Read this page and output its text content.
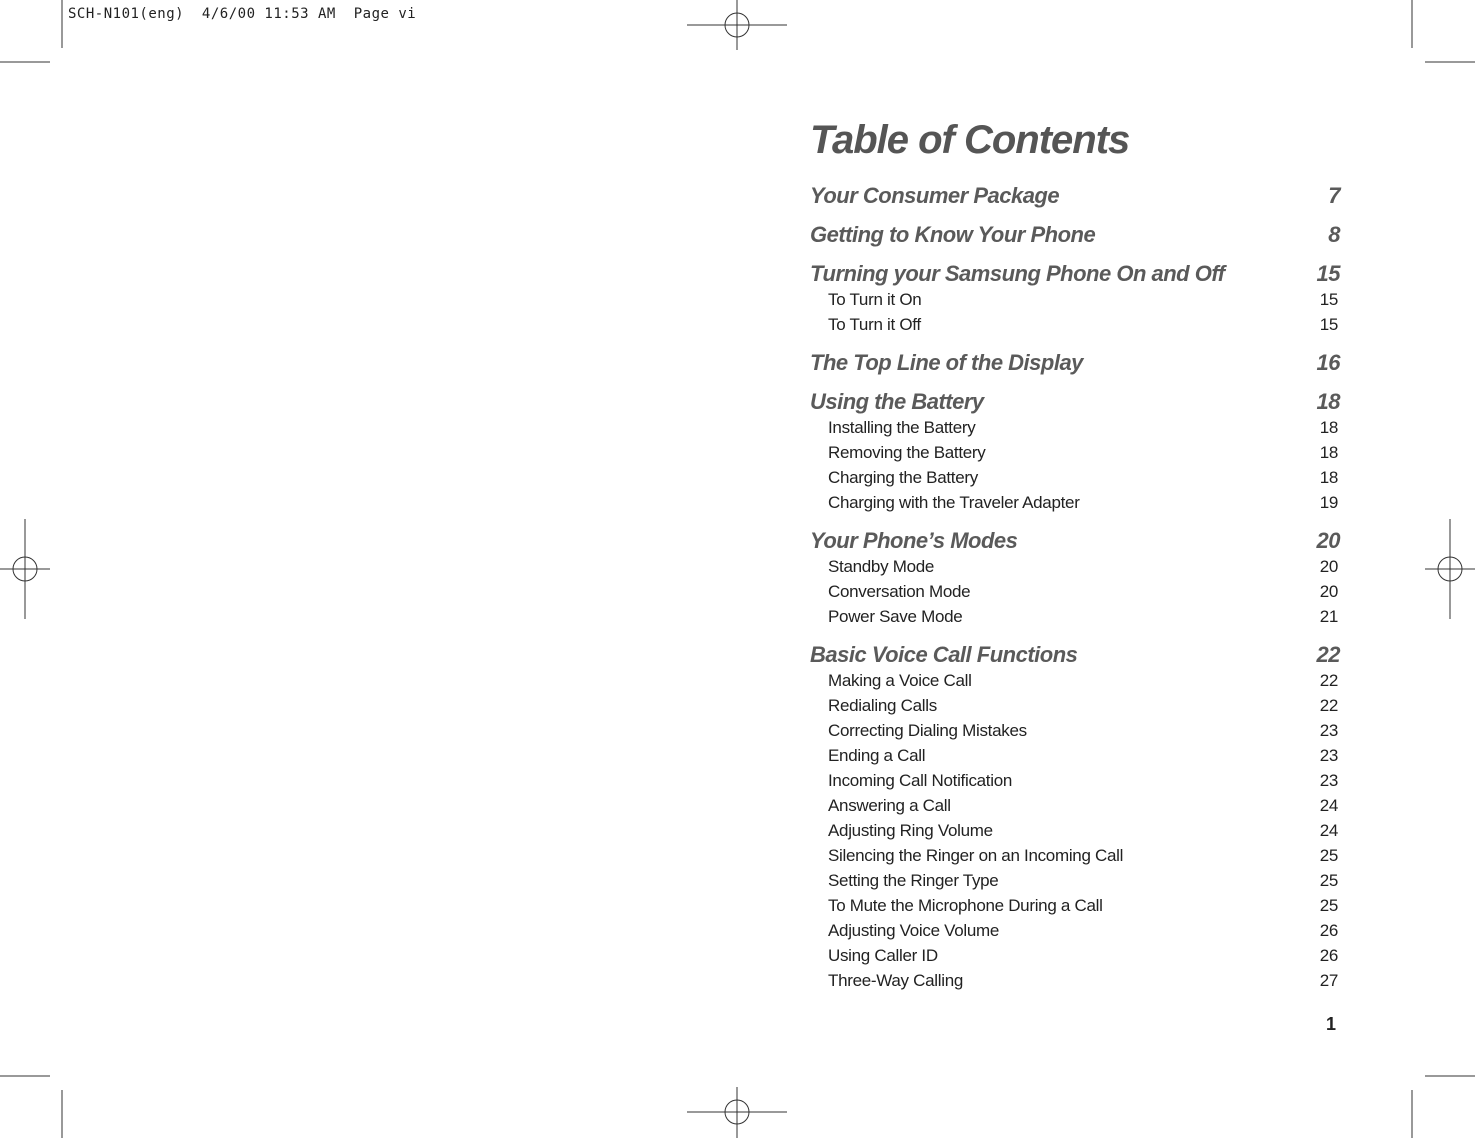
SCH-N101(eng)  4/6/00 11:53 AM  Page vi
Table of Contents
Your Consumer Package	7
Getting to Know Your Phone	8
Turning your Samsung Phone On and Off	15
To Turn it On	15
To Turn it Off	15
The Top Line of the Display	16
Using the Battery	18
Installing the Battery	18
Removing the Battery	18
Charging the Battery	18
Charging with the Traveler Adapter	19
Your Phone’s Modes	20
Standby Mode	20
Conversation Mode	20
Power Save Mode	21
Basic Voice Call Functions	22
Making a Voice Call	22
Redialing Calls	22
Correcting Dialing Mistakes	23
Ending a Call	23
Incoming Call Notification	23
Answering a Call	24
Adjusting Ring Volume	24
Silencing the Ringer on an Incoming Call	25
Setting the Ringer Type	25
To Mute the Microphone During a Call	25
Adjusting Voice Volume	26
Using Caller ID	26
Three-Way Calling	27
1
